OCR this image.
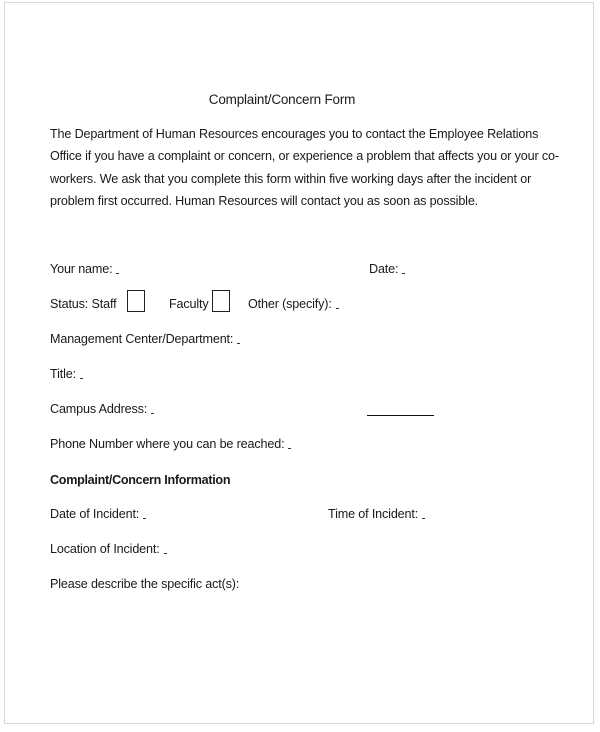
Complaint/Concern Form

The Department of Human Resources encourages you to contact the Employee Relations Office if you have a complaint or concern, or experience a problem that affects you or your co-workers. We ask that you complete this form within five working days after the incident or problem first occurred. Human Resources will contact you as soon as possible.

Your name:	Date:
Status: Staff	Faculty	Other (specify):
Management Center/Department:
Title:
Campus Address:
Phone Number where you can be reached:
Complaint/Concern Information
Date of Incident:	Time of Incident:
Location of Incident:
Please describe the specific act(s):
